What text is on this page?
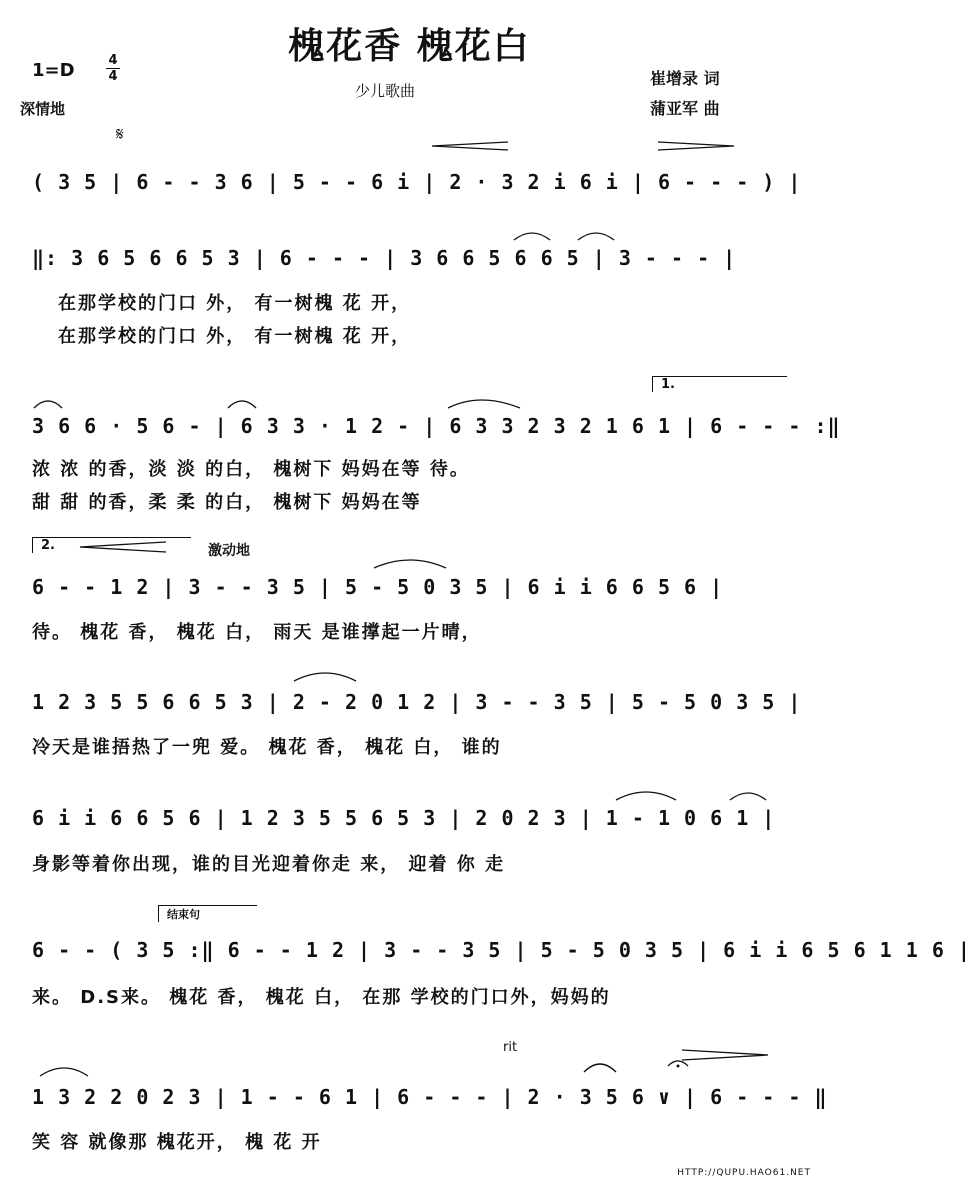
槐花香 槐花白
少儿歌曲
1=D	4
4
深情地
崔增录 词
蒲亚军 曲
𝄋
( 3 5 | 6 - - 3 6 | 5 - - 6 i | 2 · 3 2 i 6 i | 6 - - - ) |
‖: 3 6 5 6 6 5 3 | 6 - - - | 3 6 6 5 6 6 5 | 3 - - - |
在那学校的门口 外， 有一树槐 花 开，
在那学校的门口 外， 有一树槐 花 开，
1.
3 6 6 · 5 6 - | 6 3 3 · 1 2 - | 6 3 3 2 3 2 1 6 1 | 6 - - - :‖
浓 浓 的香，淡 淡 的白， 槐树下 妈妈在等 待。
甜 甜 的香，柔 柔 的白， 槐树下 妈妈在等
2.	激动地
6 - - 1 2 | 3 - - 3 5 | 5 - 5 0 3 5 | 6 i i 6 6 5 6 |
待。 槐花 香， 槐花 白， 雨天 是谁撑起一片晴，
1 2 3 5 5 6 6 5 3 | 2 - 2 0 1 2 | 3 - - 3 5 | 5 - 5 0 3 5 |
冷天是谁捂热了一兜 爱。 槐花 香， 槐花 白， 谁的
6 i i 6 6 5 6 | 1 2 3 5 5 6 5 3 | 2 0 2 3 | 1 - 1 0 6 1 |
身影等着你出现，谁的目光迎着你走 来， 迎着 你 走
结束句
6 - - ( 3 5 :‖ 6 - - 1 2 | 3 - - 3 5 | 5 - 5 0 3 5 | 6 i i 6 5 6 1 1 6 |
来。 D.S来。 槐花 香， 槐花 白， 在那 学校的门口外，妈妈的
rit
1 3 2 2 0 2 3 | 1 - - 6 1 | 6 - - - | 2 · 3 5 6 ∨ | 6 - - - ‖
笑 容 就像那 槐花开， 槐 花 开
HTTP://QUPU.HAO61.NET
